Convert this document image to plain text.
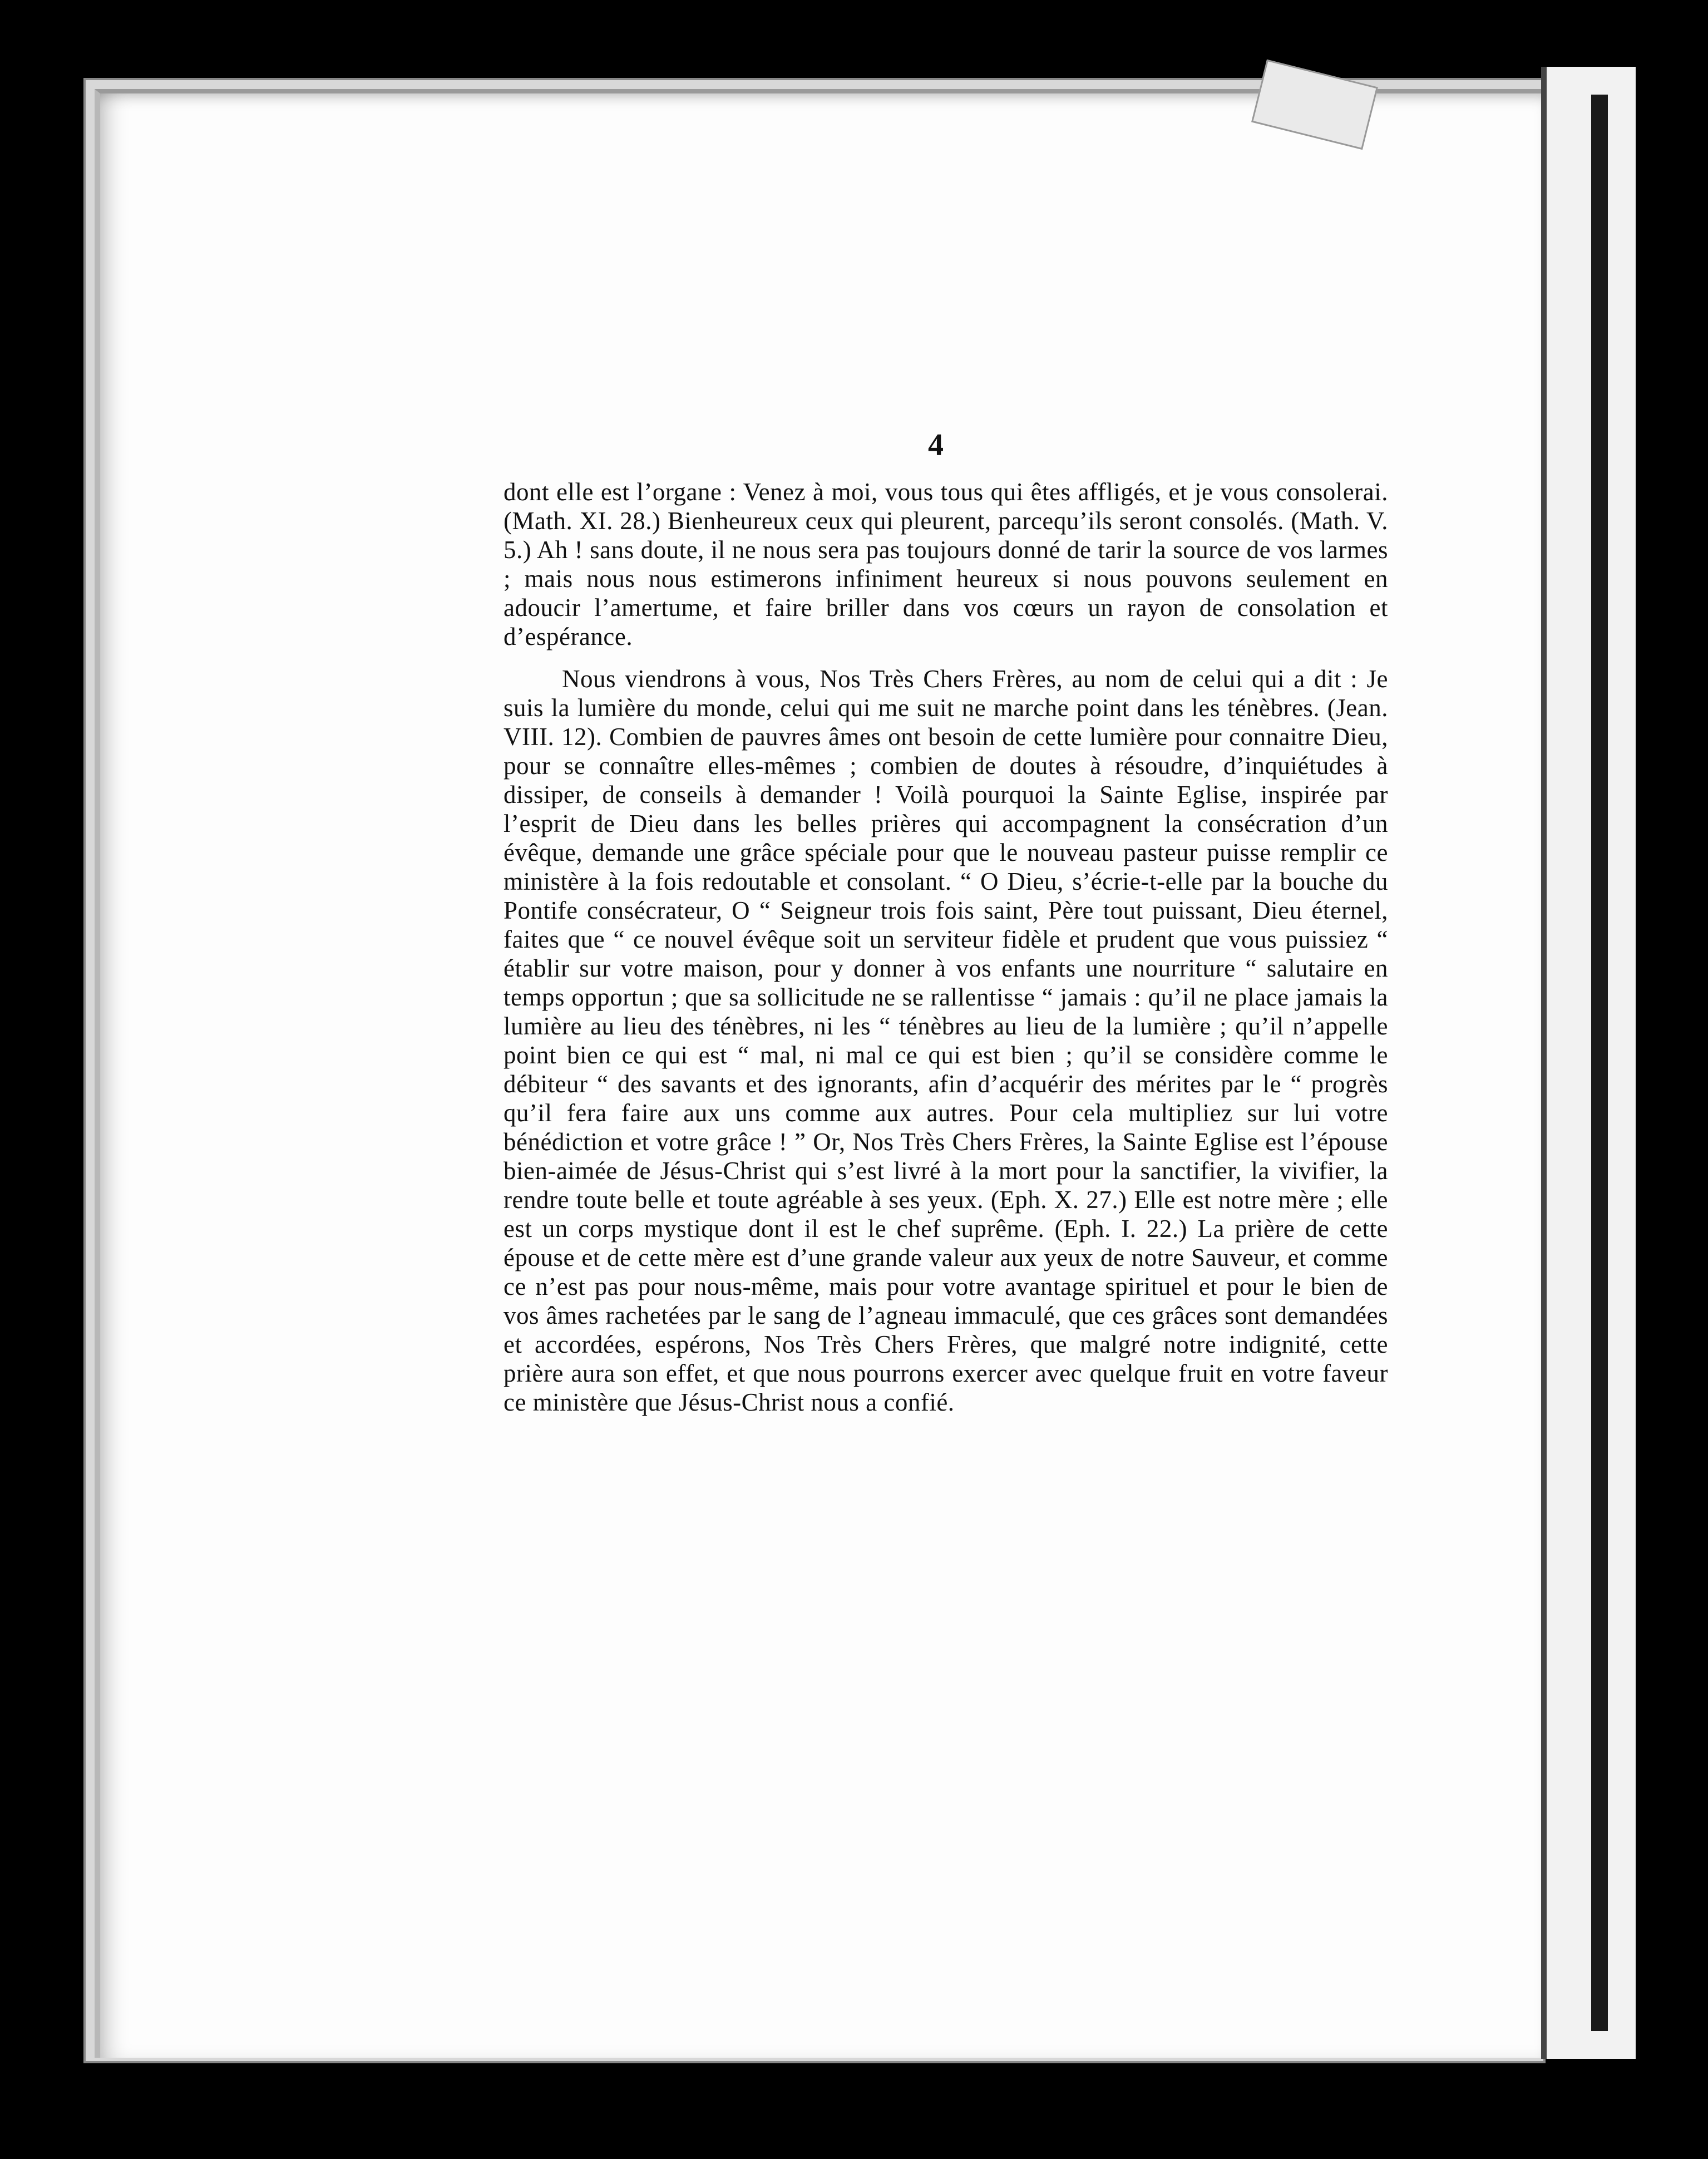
4

dont elle est l’organe : Venez à moi, vous tous qui êtes affligés, et je vous consolerai. (Math. XI. 28.) Bienheureux ceux qui pleurent, parcequ’ils seront consolés. (Math. V. 5.) Ah ! sans doute, il ne nous sera pas toujours donné de tarir la source de vos larmes ; mais nous nous estimerons infiniment heureux si nous pouvons seulement en adoucir l’amertume, et faire briller dans vos cœurs un rayon de consolation et d’espérance.

Nous viendrons à vous, Nos Très Chers Frères, au nom de celui qui a dit : Je suis la lumière du monde, celui qui me suit ne marche point dans les ténèbres. (Jean. VIII. 12). Combien de pauvres âmes ont besoin de cette lumière pour connaitre Dieu, pour se connaître elles-mêmes ; combien de doutes à résoudre, d’inquiétudes à dissiper, de conseils à demander ! Voilà pourquoi la Sainte Eglise, inspirée par l’esprit de Dieu dans les belles prières qui accompagnent la consécration d’un évêque, demande une grâce spéciale pour que le nouveau pasteur puisse remplir ce ministère à la fois redoutable et consolant. “ O Dieu, s’écrie-t-elle par la bouche du Pontife consécrateur, O “ Seigneur trois fois saint, Père tout puissant, Dieu éternel, faites que “ ce nouvel évêque soit un serviteur fidèle et prudent que vous puissiez “ établir sur votre maison, pour y donner à vos enfants une nourriture “ salutaire en temps opportun ; que sa sollicitude ne se rallentisse “ jamais : qu’il ne place jamais la lumière au lieu des ténèbres, ni les “ ténèbres au lieu de la lumière ; qu’il n’appelle point bien ce qui est “ mal, ni mal ce qui est bien ; qu’il se considère comme le débiteur “ des savants et des ignorants, afin d’acquérir des mérites par le “ progrès qu’il fera faire aux uns comme aux autres. Pour cela multipliez sur lui votre bénédiction et votre grâce ! ” Or, Nos Très Chers Frères, la Sainte Eglise est l’épouse bien-aimée de Jésus-Christ qui s’est livré à la mort pour la sanctifier, la vivifier, la rendre toute belle et toute agréable à ses yeux. (Eph. X. 27.) Elle est notre mère ; elle est un corps mystique dont il est le chef suprême. (Eph. I. 22.) La prière de cette épouse et de cette mère est d’une grande valeur aux yeux de notre Sauveur, et comme ce n’est pas pour nous-même, mais pour votre avantage spirituel et pour le bien de vos âmes rachetées par le sang de l’agneau immaculé, que ces grâces sont demandées et accordées, espérons, Nos Très Chers Frères, que malgré notre indignité, cette prière aura son effet, et que nous pourrons exercer avec quelque fruit en votre faveur ce ministère que Jésus-Christ nous a confié.
